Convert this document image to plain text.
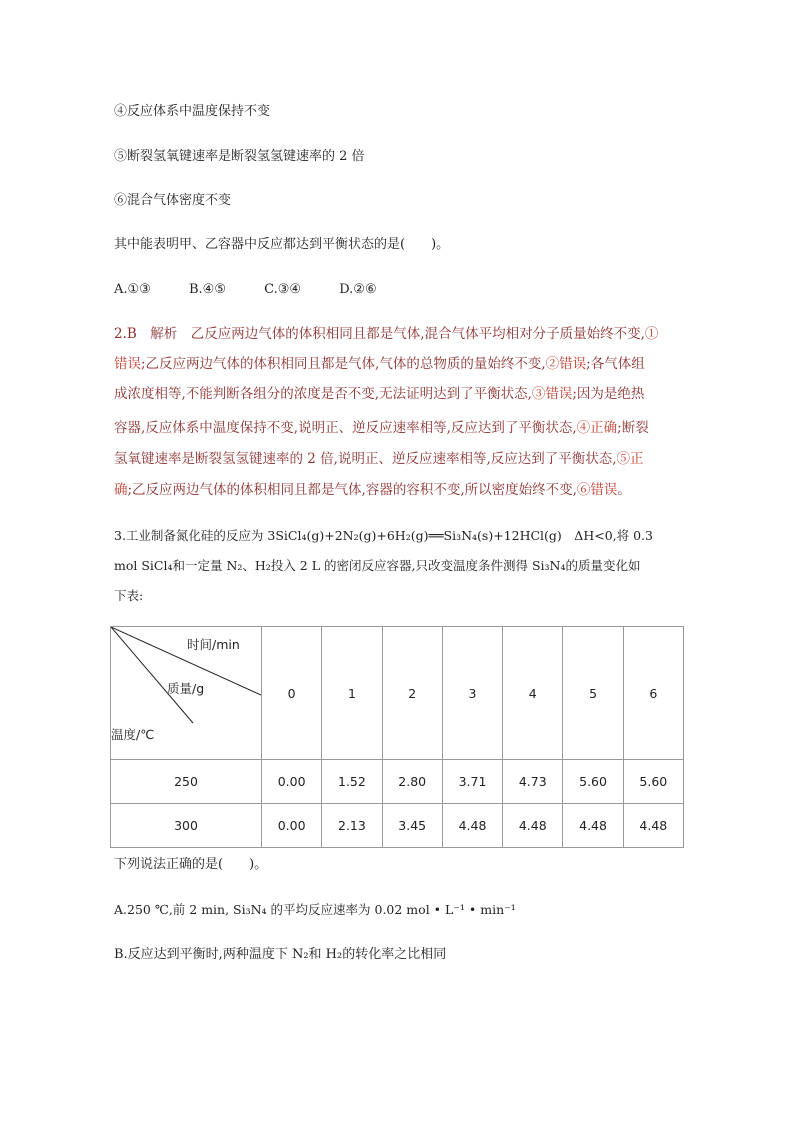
④反应体系中温度保持不变
⑤断裂氢氧键速率是断裂氢氢键速率的 2 倍
⑥混合气体密度不变
其中能表明甲、乙容器中反应都达到平衡状态的是(　　)。
A.①③	B.④⑤	C.③④	D.②⑥
2.B　解析　乙反应两边气体的体积相同且都是气体,混合气体平均相对分子质量始终不变,①
错误;乙反应两边气体的体积相同且都是气体,气体的总物质的量始终不变,②错误;各气体组
成浓度相等,不能判断各组分的浓度是否不变,无法证明达到了平衡状态,③错误;因为是绝热
容器,反应体系中温度保持不变,说明正、逆反应速率相等,反应达到了平衡状态,④正确;断裂
氢氧键速率是断裂氢氢键速率的 2 倍,说明正、逆反应速率相等,反应达到了平衡状态,⑤正
确;乙反应两边气体的体积相同且都是气体,容器的容积不变,所以密度始终不变,⑥错误。
3.工业制备氮化硅的反应为 3SiCl₄(g)+2N₂(g)+6H₂(g)══Si₃N₄(s)+12HCl(g)　ΔH<0,将 0.3
mol SiCl₄和一定量 N₂、H₂投入 2 L 的密闭反应容器,只改变温度条件测得 Si₃N₄的质量变化如
下表:
时间/min
质量/g
温度/℃	0	1	2	3	4	5	6
250	0.00	1.52	2.80	3.71	4.73	5.60	5.60
300	0.00	2.13	3.45	4.48	4.48	4.48	4.48
下列说法正确的是(　　)。
A.250 ℃,前 2 min, Si₃N₄ 的平均反应速率为 0.02 mol • L⁻¹ • min⁻¹
B.反应达到平衡时,两种温度下 N₂和 H₂的转化率之比相同
